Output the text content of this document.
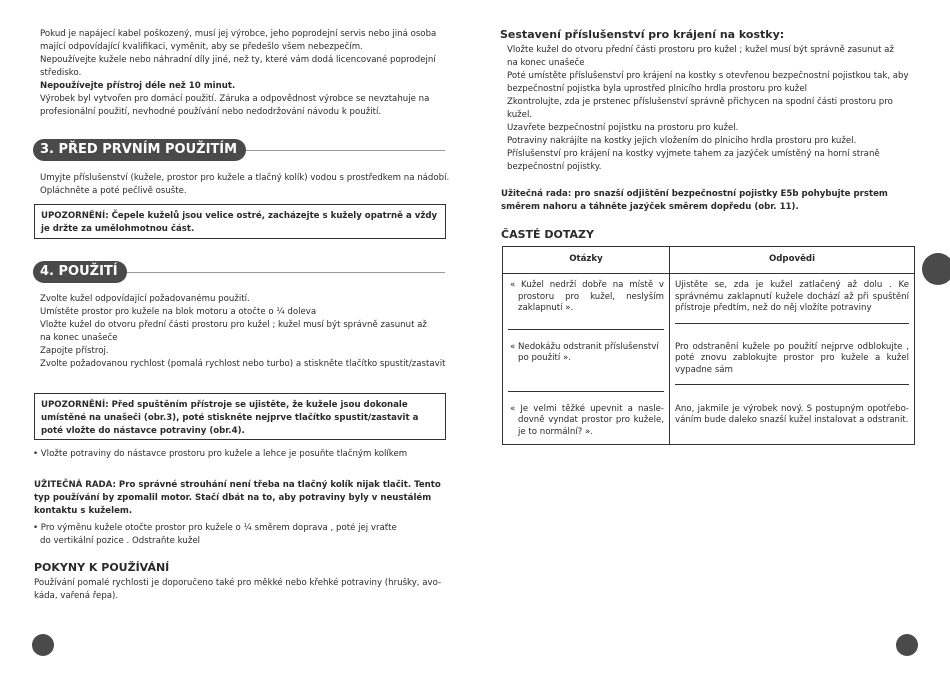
Pokud je napájecí kabel poškozený, musí jej výrobce, jeho poprodejní servis nebo jiná osoba

mající odpovídající kvalifikaci, vyměnit, aby se předešlo všem nebezpečím.

Nepoužívejte kužele nebo náhradní díly jiné, než ty, které vám dodá licencované poprodejní

středisko.

Nepoužívejte přístroj déle než 10 minut.

Výrobek byl vytvořen pro domácí použití. Záruka a odpovědnost výrobce se nevztahuje na

profesionální použití, nevhodné používání nebo nedodržování návodu k použití.

3. PŘED PRVNÍM POUŽITÍM

Umyjte příslušenství (kužele, prostor pro kužele a tlačný kolík) vodou s prostředkem na nádobí.

Opláchněte a poté pečlivě osušte.

UPOZORNĚNÍ: Čepele kuželů jsou velice ostré, zacházejte s kužely opatrně a vždy je držte za umělohmotnou část.
4. POUŽITÍ

Zvolte kužel odpovídající požadovanému použití.

Umístěte prostor pro kužele na blok motoru a otočte o ¼ doleva

Vložte kužel do otvoru přední části prostoru pro kužel ; kužel musí být správně zasunut až

na konec unašeče

Zapojte přístroj.

Zvolte požadovanou rychlost (pomalá rychlost nebo turbo) a stiskněte tlačítko spustit/zastavit

UPOZORNĚNÍ: Před spuštěním přístroje se ujistěte, že kužele jsou dokonale umístěné na unašeči (obr.3), poté stiskněte nejprve tlačítko spustit/zastavit a poté vložte do nástavce potraviny (obr.4).
• Vložte potraviny do nástavce prostoru pro kužele a lehce je posuňte tlačným kolíkem
UŽITEČNÁ RADA: Pro správné strouhání není třeba na tlačný kolík nijak tlačit. Tento typ používání by zpomalil motor. Stačí dbát na to, aby potraviny byly v neustálém kontaktu s kuželem.

• Pro výměnu kužele otočte prostor pro kužele o ¼ směrem doprava , poté jej vraťte

do vertikální pozice . Odstraňte kužel

POKYNY K POUŽÍVÁNÍ

Používání pomalé rychlosti je doporučeno také pro měkké nebo křehké potraviny (hrušky, avo-

káda, vařená řepa).

Sestavení příslušenství pro krájení na kostky:

Vložte kužel do otvoru přední části prostoru pro kužel ; kužel musí být správně zasunut až

na konec unašeče

Poté umístěte příslušenství pro krájení na kostky s otevřenou bezpečnostní pojistkou tak, aby

bezpečnostní pojistka byla uprostřed plnicího hrdla prostoru pro kužel

Zkontrolujte, zda je prstenec příslušenství správně přichycen na spodní části prostoru pro

kužel.

Uzavřete bezpečnostní pojistku na prostoru pro kužel.

Potraviny nakrájíte na kostky jejich vložením do plnicího hrdla prostoru pro kužel.

Příslušenství pro krájení na kostky vyjmete tahem za jazýček umístěný na horní straně

bezpečnostní pojistky.

Užitečná rada: pro snazší odjištění bezpečnostní pojistky E5b pohybujte prstem směrem nahoru a táhněte jazýček směrem dopředu (obr. 11).
ČASTÉ DOTAZY
Otázky	Odpovědi

« Kužel nedrží dobře na místě v prostoru pro kužel, neslyším zaklapnutí ».	Ujistěte se, zda je kužel zatlačený až dolu . Ke správnému zaklapnutí kužele dochází až při spuštění přístroje předtím, než do něj vložíte potraviny

« Nedokážu odstranit příslušenství po použití ».	Pro odstranění kužele po použití nejprve odblokujte , poté znovu zablokujte prostor pro kužele a kužel vypadne sám

« Je velmi těžké upevnit a nasledovně vyndat prostor pro kužele, je to normální? ».	Ano, jakmile je výrobek nový. S postupným opotřebováním bude daleko snazší kužel instalovat a odstranit.
